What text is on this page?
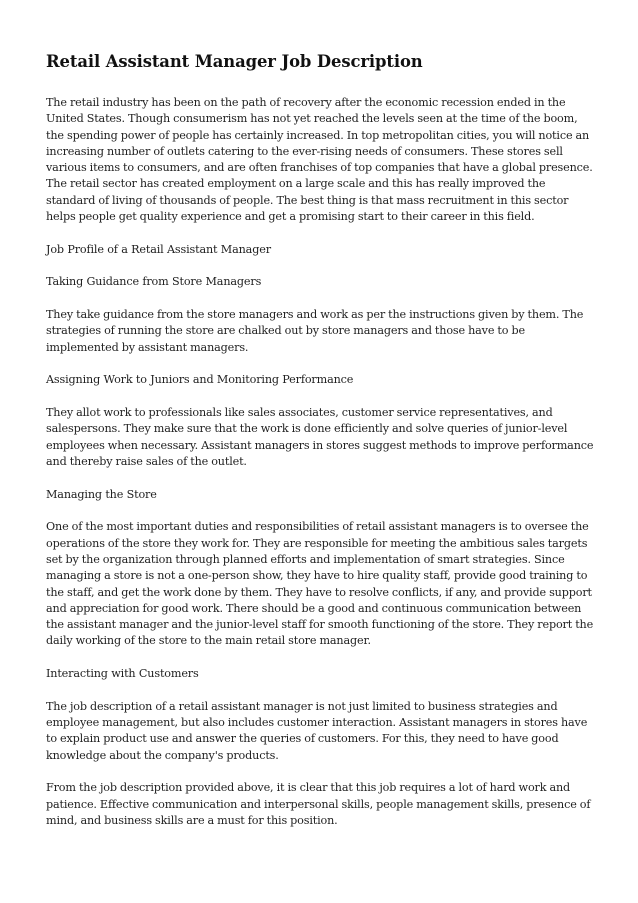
Retail Assistant Manager Job Description

The retail industry has been on the path of recovery after the economic recession ended in the United States. Though consumerism has not yet reached the levels seen at the time of the boom, the spending power of people has certainly increased. In top metropolitan cities, you will notice an increasing number of outlets catering to the ever-rising needs of consumers. These stores sell various items to consumers, and are often franchises of top companies that have a global presence. The retail sector has created employment on a large scale and this has really improved the standard of living of thousands of people. The best thing is that mass recruitment in this sector helps people get quality experience and get a promising start to their career in this field.

Job Profile of a Retail Assistant Manager

Taking Guidance from Store Managers

They take guidance from the store managers and work as per the instructions given by them. The strategies of running the store are chalked out by store managers and those have to be implemented by assistant managers.

Assigning Work to Juniors and Monitoring Performance

They allot work to professionals like sales associates, customer service representatives, and salespersons. They make sure that the work is done efficiently and solve queries of junior-level employees when necessary. Assistant managers in stores suggest methods to improve performance and thereby raise sales of the outlet.

Managing the Store

One of the most important duties and responsibilities of retail assistant managers is to oversee the operations of the store they work for. They are responsible for meeting the ambitious sales targets set by the organization through planned efforts and implementation of smart strategies. Since managing a store is not a one-person show, they have to hire quality staff, provide good training to the staff, and get the work done by them. They have to resolve conflicts, if any, and provide support and appreciation for good work. There should be a good and continuous communication between the assistant manager and the junior-level staff for smooth functioning of the store. They report the daily working of the store to the main retail store manager.

Interacting with Customers

The job description of a retail assistant manager is not just limited to business strategies and employee management, but also includes customer interaction. Assistant managers in stores have to explain product use and answer the queries of customers. For this, they need to have good knowledge about the company's products.

From the job description provided above, it is clear that this job requires a lot of hard work and patience. Effective communication and interpersonal skills, people management skills, presence of mind, and business skills are a must for this position.
